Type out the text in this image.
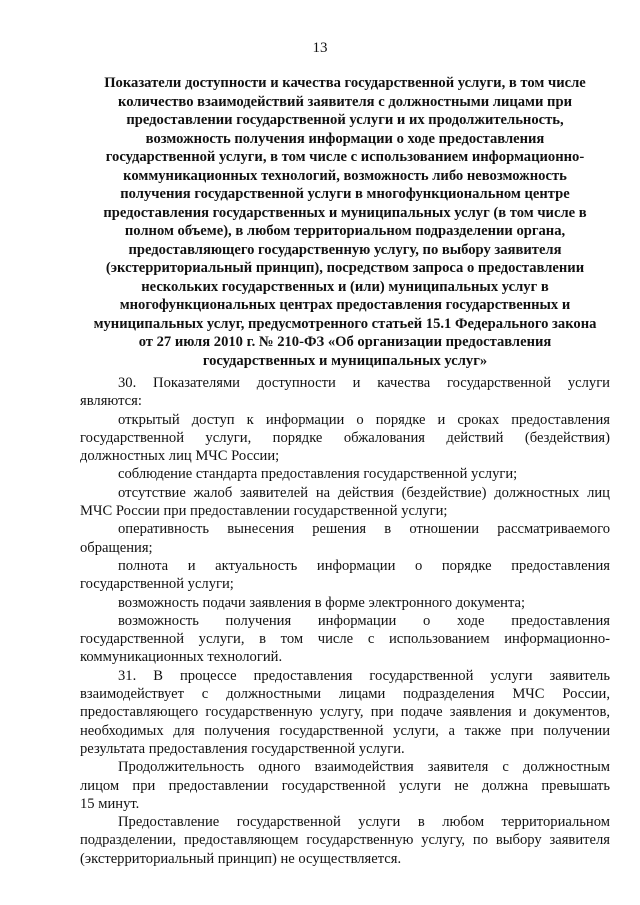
13
Показатели доступности и качества государственной услуги, в том числе
количество взаимодействий заявителя с должностными лицами при
предоставлении государственной услуги и их продолжительность,
возможность получения информации о ходе предоставления
государственной услуги, в том числе с использованием информационно-
коммуникационных технологий, возможность либо невозможность
получения государственной услуги в многофункциональном центре
предоставления государственных и муниципальных услуг (в том числе в
полном объеме), в любом территориальном подразделении органа,
предоставляющего государственную услугу, по выбору заявителя
(экстерриториальный принцип), посредством запроса о предоставлении
нескольких государственных и (или) муниципальных услуг в
многофункциональных центрах предоставления государственных и
муниципальных услуг, предусмотренного статьей 15.1 Федерального закона
от 27 июля 2010 г. № 210-ФЗ «Об организации предоставления
государственных и муниципальных услуг»
30. Показателями доступности и качества государственной услуги
являются:
открытый доступ к информации о порядке и сроках предоставления
государственной услуги, порядке обжалования действий (бездействия)
должностных лиц МЧС России;
соблюдение стандарта предоставления государственной услуги;
отсутствие жалоб заявителей на действия (бездействие) должностных лиц
МЧС России при предоставлении государственной услуги;
оперативность вынесения решения в отношении рассматриваемого
обращения;
полнота и актуальность информации о порядке предоставления
государственной услуги;
возможность подачи заявления в форме электронного документа;
возможность получения информации о ходе предоставления
государственной услуги, в том числе с использованием информационно-
коммуникационных технологий.
31. В процессе предоставления государственной услуги заявитель
взаимодействует с должностными лицами подразделения МЧС России,
предоставляющего государственную услугу, при подаче заявления и документов,
необходимых для получения государственной услуги, а также при получении
результата предоставления государственной услуги.
Продолжительность одного взаимодействия заявителя с должностным
лицом при предоставлении государственной услуги не должна превышать
15 минут.
Предоставление государственной услуги в любом территориальном
подразделении, предоставляющем государственную услугу, по выбору заявителя
(экстерриториальный принцип) не осуществляется.
